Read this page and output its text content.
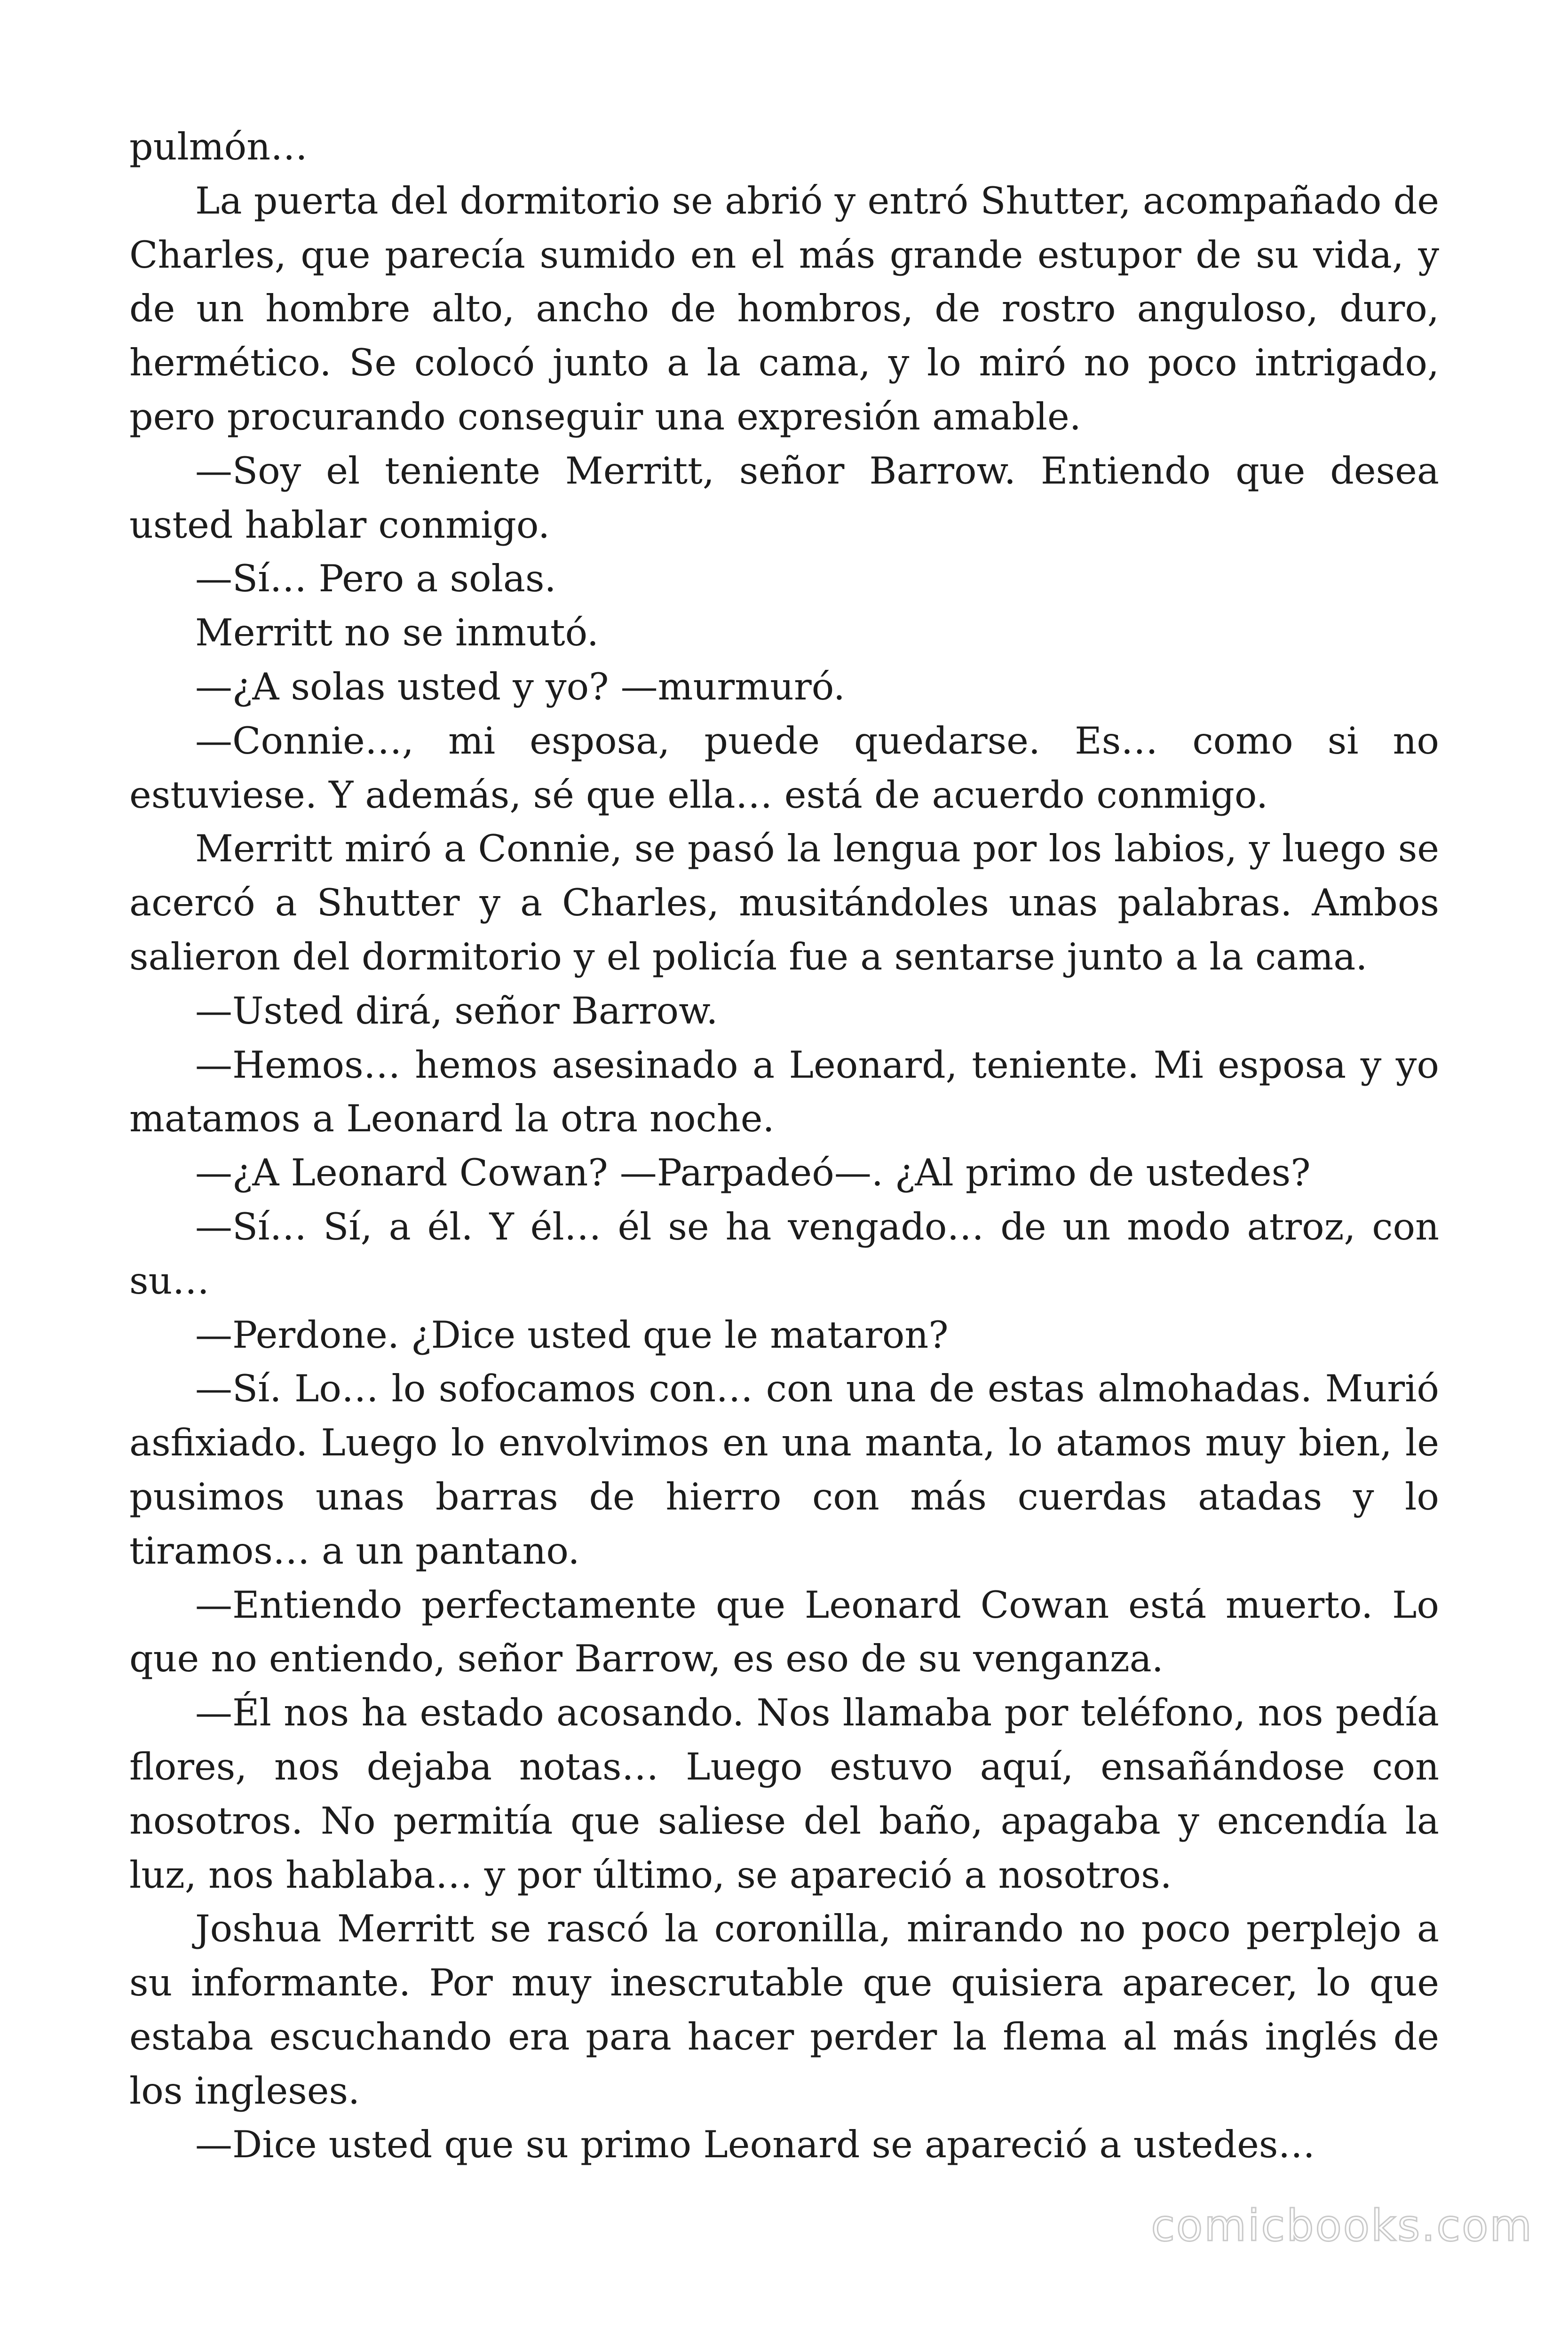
pulmón…

La puerta del dormitorio se abrió y entró Shutter, acompañado de Charles, que parecía sumido en el más grande estupor de su vida, y de un hombre alto, ancho de hombros, de rostro anguloso, duro, hermético. Se colocó junto a la cama, y lo miró no poco intrigado, pero procurando conseguir una expresión amable.

—Soy el teniente Merritt, señor Barrow. Entiendo que desea usted hablar conmigo.

—Sí… Pero a solas.

Merritt no se inmutó.

—¿A solas usted y yo? —murmuró.

—Connie…, mi esposa, puede quedarse. Es… como si no estuviese. Y además, sé que ella… está de acuerdo conmigo.

Merritt miró a Connie, se pasó la lengua por los labios, y luego se acercó a Shutter y a Charles, musitándoles unas palabras. Ambos salieron del dormitorio y el policía fue a sentarse junto a la cama.

—Usted dirá, señor Barrow.

—Hemos… hemos asesinado a Leonard, teniente. Mi esposa y yo matamos a Leonard la otra noche.

—¿A Leonard Cowan? —Parpadeó—. ¿Al primo de ustedes?

—Sí… Sí, a él. Y él… él se ha vengado… de un modo atroz, con su…

—Perdone. ¿Dice usted que le mataron?

—Sí. Lo… lo sofocamos con… con una de estas almohadas. Murió asfixiado. Luego lo envolvimos en una manta, lo atamos muy bien, le pusimos unas barras de hierro con más cuerdas atadas y lo tiramos… a un pantano.

—Entiendo perfectamente que Leonard Cowan está muerto. Lo que no entiendo, señor Barrow, es eso de su venganza.

—Él nos ha estado acosando. Nos llamaba por teléfono, nos pedía flores, nos dejaba notas… Luego estuvo aquí, ensañándose con nosotros. No permitía que saliese del baño, apagaba y encendía la luz, nos hablaba… y por último, se apareció a nosotros.

Joshua Merritt se rascó la coronilla, mirando no poco perplejo a su informante. Por muy inescrutable que quisiera aparecer, lo que estaba escuchando era para hacer perder la flema al más inglés de los ingleses.

—Dice usted que su primo Leonard se apareció a ustedes…

comicbooks.com
